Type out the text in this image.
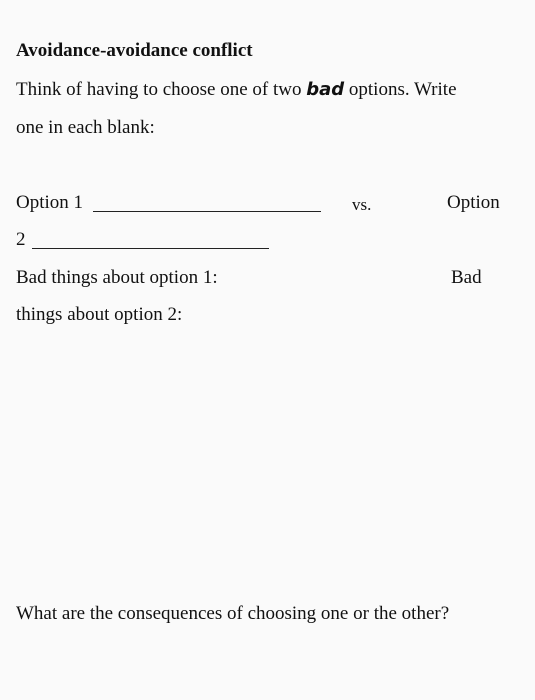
Avoidance-avoidance conflict
Think of having to choose one of two bad options. Write
one in each blank:
Option 1	vs.	Option
2
Bad things about option 1:	Bad
things about option 2:
What are the consequences of choosing one or the other?
